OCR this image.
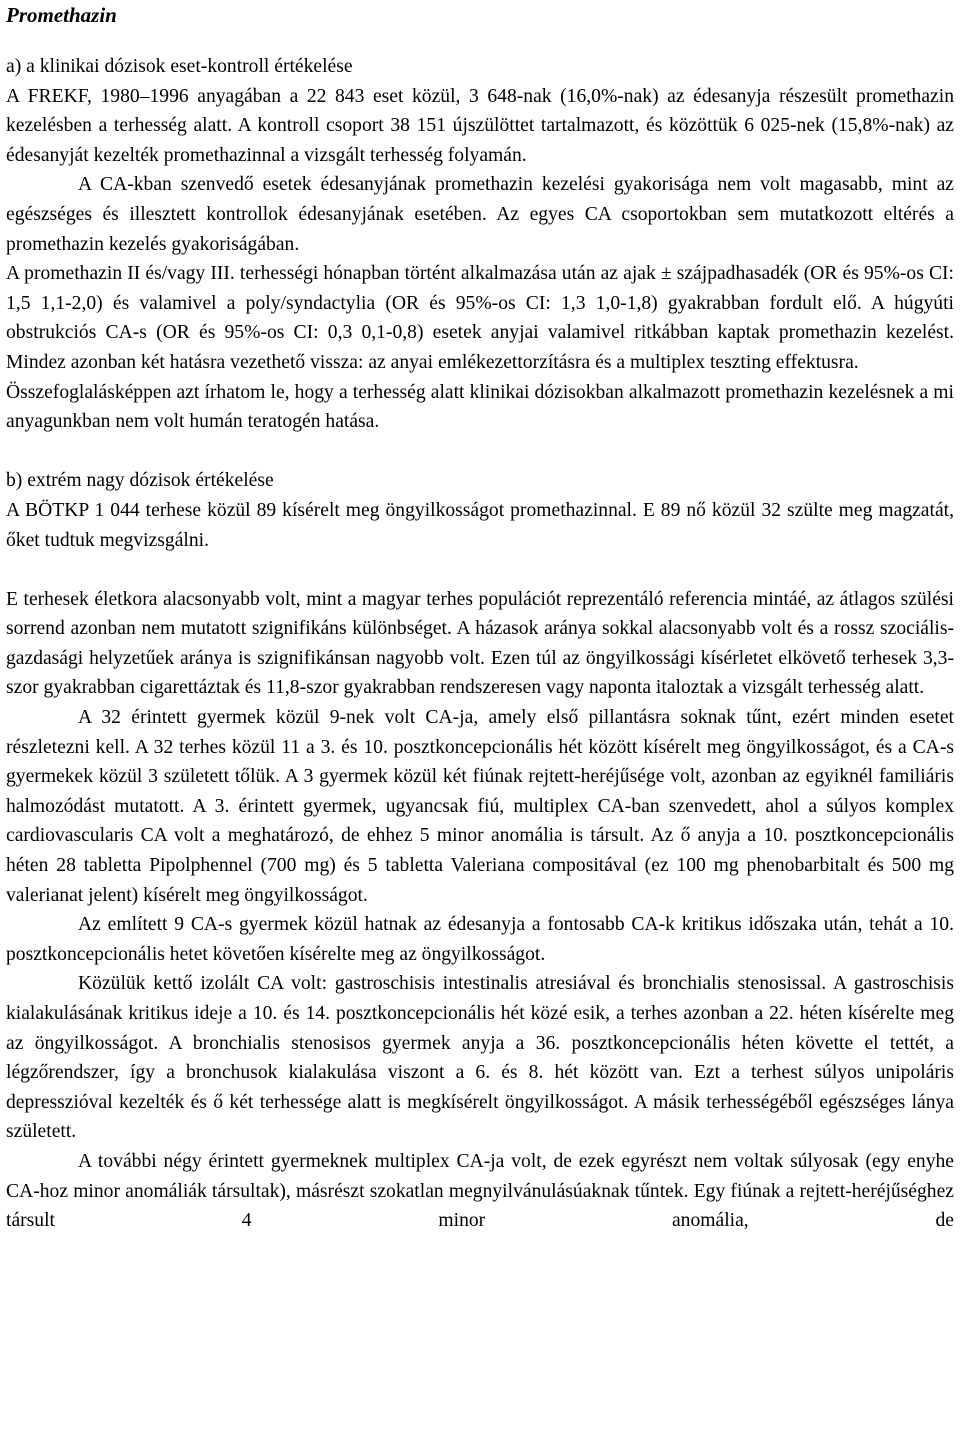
Promethazin

a) a klinikai dózisok eset-kontroll értékelése

A FREKF, 1980–1996 anyagában a 22 843 eset közül, 3 648-nak (16,0%-nak) az édesanyja részesült promethazin kezelésben a terhesség alatt. A kontroll csoport 38 151 újszülöttet tartalmazott, és közöttük 6 025-nek (15,8%-nak) az édesanyját kezelték promethazinnal a vizsgált terhesség folyamán.

A CA-kban szenvedő esetek édesanyjának promethazin kezelési gyakorisága nem volt magasabb, mint az egészséges és illesztett kontrollok édesanyjának esetében. Az egyes CA csoportokban sem mutatkozott eltérés a promethazin kezelés gyakoriságában.

A promethazin II és/vagy III. terhességi hónapban történt alkalmazása után az ajak ± szájpadhasadék (OR és 95%-os CI: 1,5 1,1-2,0) és valamivel a poly/syndactylia (OR és 95%-os CI: 1,3 1,0-1,8) gyakrabban fordult elő. A húgyúti obstrukciós CA-s (OR és 95%-os CI: 0,3 0,1-0,8) esetek anyjai valamivel ritkábban kaptak promethazin kezelést. Mindez azonban két hatásra vezethető vissza: az anyai emlékezettorzításra és a multiplex teszting effektusra.

Összefoglalásképpen azt írhatom le, hogy a terhesség alatt klinikai dózisokban alkalmazott promethazin kezelésnek a mi anyagunkban nem volt humán teratogén hatása.

b) extrém nagy dózisok értékelése

A BÖTKP 1 044 terhese közül 89 kísérelt meg öngyilkosságot promethazinnal. E 89 nő közül 32 szülte meg magzatát, őket tudtuk megvizsgálni.

E terhesek életkora alacsonyabb volt, mint a magyar terhes populációt reprezentáló referencia mintáé, az átlagos szülési sorrend azonban nem mutatott szignifikáns különbséget. A házasok aránya sokkal alacsonyabb volt és a rossz szociális-gazdasági helyzetűek aránya is szignifikánsan nagyobb volt. Ezen túl az öngyilkossági kísérletet elkövető terhesek 3,3-szor gyakrabban cigarettáztak és 11,8-szor gyakrabban rendszeresen vagy naponta italoztak a vizsgált terhesség alatt.

A 32 érintett gyermek közül 9-nek volt CA-ja, amely első pillantásra soknak tűnt, ezért minden esetet részletezni kell. A 32 terhes közül 11 a 3. és 10. posztkoncepcionális hét között kísérelt meg öngyilkosságot, és a CA-s gyermekek közül 3 született tőlük. A 3 gyermek közül két fiúnak rejtett-heréjűsége volt, azonban az egyiknél familiáris halmozódást mutatott. A 3. érintett gyermek, ugyancsak fiú, multiplex CA-ban szenvedett, ahol a súlyos komplex cardiovascularis CA volt a meghatározó, de ehhez 5 minor anomália is társult. Az ő anyja a 10. posztkoncepcionális héten 28 tabletta Pipolphennel (700 mg) és 5 tabletta Valeriana compositával (ez 100 mg phenobarbitalt és 500 mg valerianat jelent) kísérelt meg öngyilkosságot.

Az említett 9 CA-s gyermek közül hatnak az édesanyja a fontosabb CA-k kritikus időszaka után, tehát a 10. posztkoncepcionális hetet követően kísérelte meg az öngyilkosságot.

Közülük kettő izolált CA volt: gastroschisis intestinalis atresiával és bronchialis stenosissal. A gastroschisis kialakulásának kritikus ideje a 10. és 14. posztkoncepcionális hét közé esik, a terhes azonban a 22. héten kísérelte meg az öngyilkosságot. A bronchialis stenosisos gyermek anyja a 36. posztkoncepcionális héten követte el tettét, a légzőrendszer, így a bronchusok kialakulása viszont a 6. és 8. hét között van. Ezt a terhest súlyos unipoláris depresszióval kezelték és ő két terhessége alatt is megkísérelt öngyilkosságot. A másik terhességéből egészséges lánya született.

A további négy érintett gyermeknek multiplex CA-ja volt, de ezek egyrészt nem voltak súlyosak (egy enyhe CA-hoz minor anomáliák társultak), másrészt szokatlan megnyilvánulásúaknak tűntek. Egy fiúnak a rejtett-heréjűséghez társult 4 minor anomália, de
